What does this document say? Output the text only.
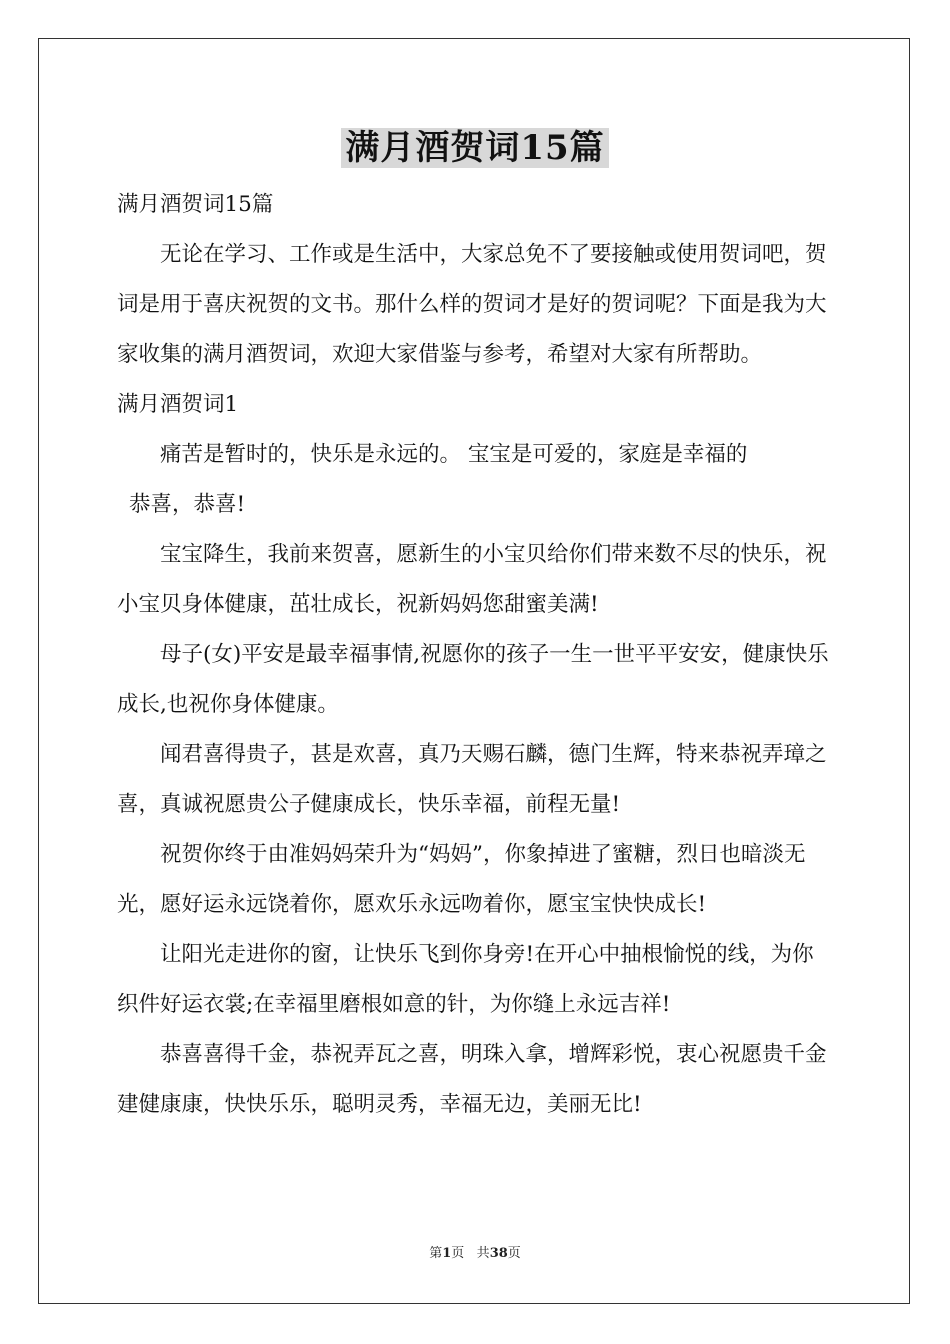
满月酒贺词15篇

满月酒贺词15篇

无论在学习、工作或是生活中，大家总免不了要接触或使用贺词吧，贺词是用于喜庆祝贺的文书。那什么样的贺词才是好的贺词呢？下面是我为大家收集的满月酒贺词，欢迎大家借鉴与参考，希望对大家有所帮助。

满月酒贺词1

痛苦是暂时的，快乐是永远的。 宝宝是可爱的，家庭是幸福的

恭喜，恭喜!

宝宝降生，我前来贺喜，愿新生的小宝贝给你们带来数不尽的快乐，祝小宝贝身体健康，茁壮成长，祝新妈妈您甜蜜美满!

母子(女)平安是最幸福事情,祝愿你的孩子一生一世平平安安，健康快乐成长,也祝你身体健康。

闻君喜得贵子，甚是欢喜，真乃天赐石麟，德门生辉，特来恭祝弄璋之喜，真诚祝愿贵公子健康成长，快乐幸福，前程无量!

祝贺你终于由准妈妈荣升为“妈妈”，你象掉进了蜜糖，烈日也暗淡无光，愿好运永远饶着你，愿欢乐永远吻着你，愿宝宝快快成长!

让阳光走进你的窗，让快乐飞到你身旁!在开心中抽根愉悦的线，为你织件好运衣裳;在幸福里磨根如意的针，为你缝上永远吉祥!

恭喜喜得千金，恭祝弄瓦之喜，明珠入拿，增辉彩悦，衷心祝愿贵千金建健康康，快快乐乐，聪明灵秀，幸福无边，美丽无比!

第1页 共38页
